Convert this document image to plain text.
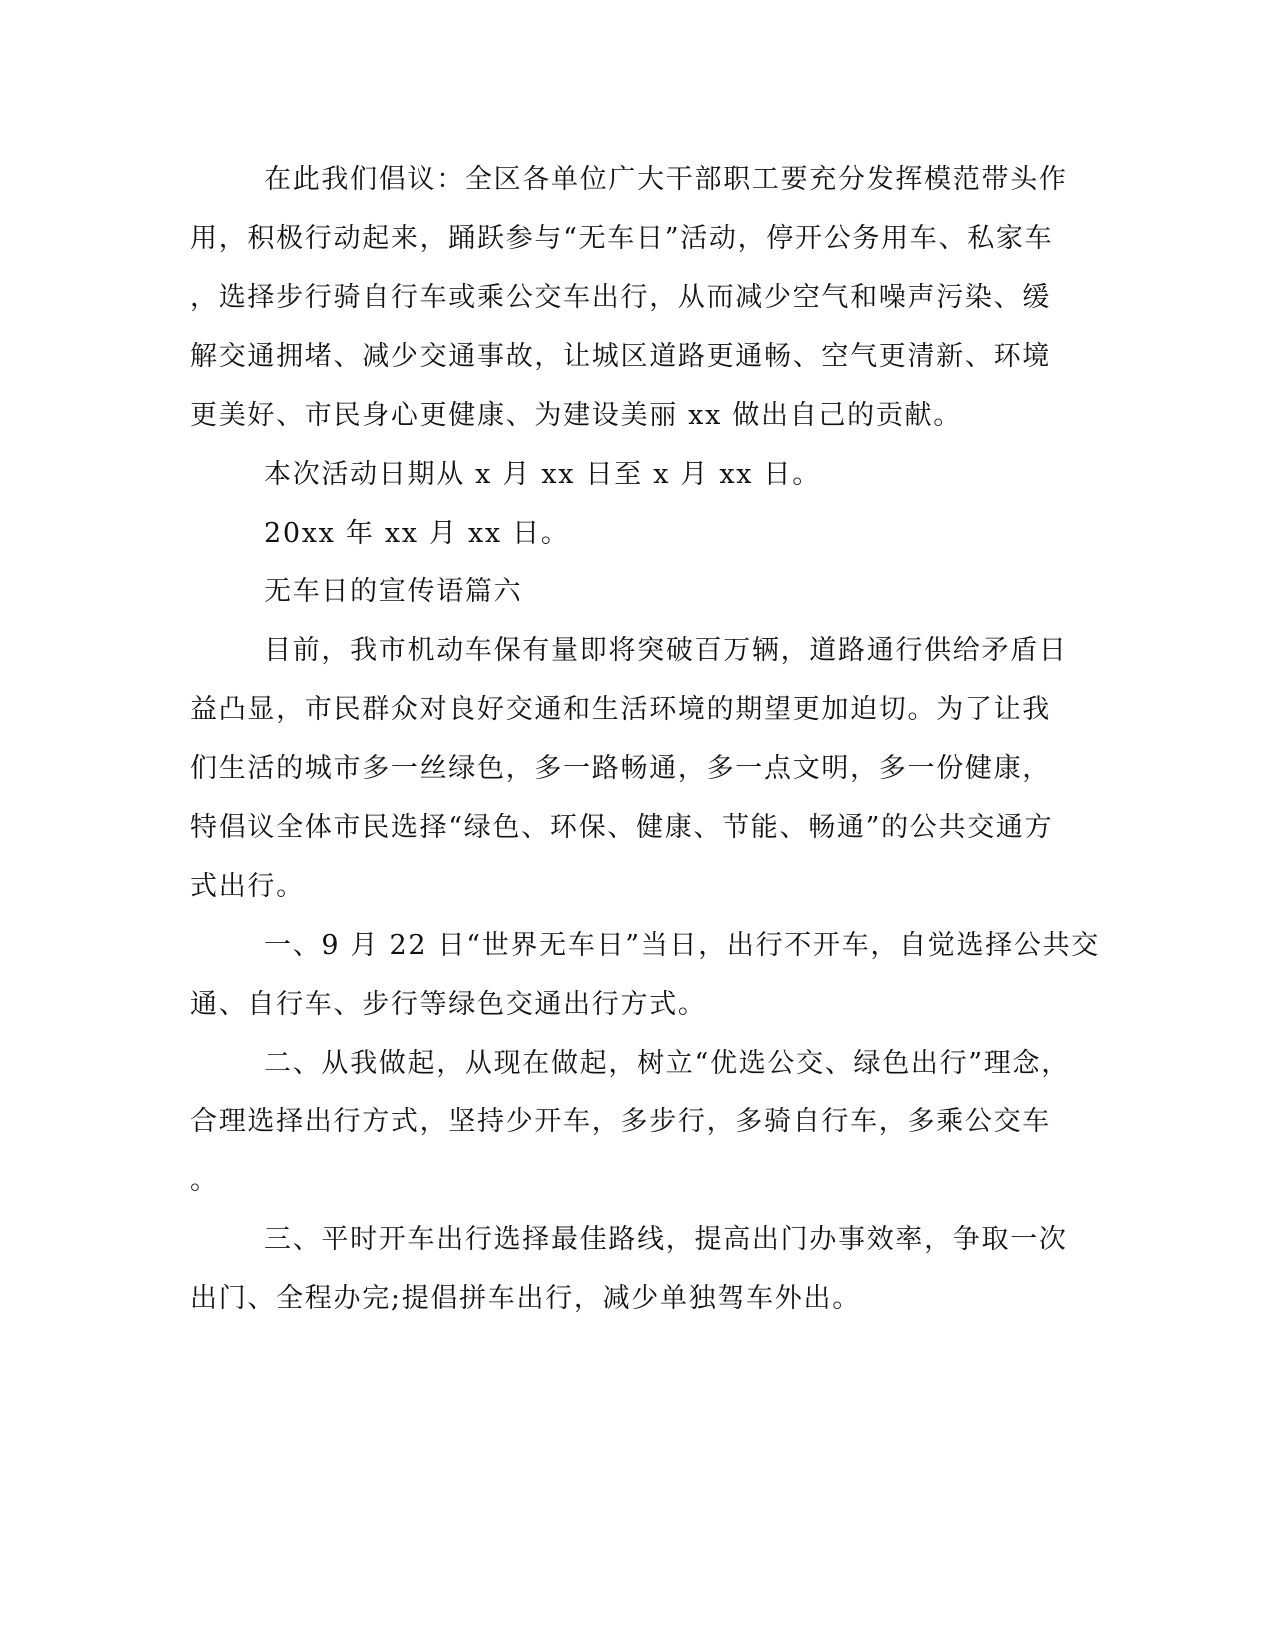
在此我们倡议：全区各单位广大干部职工要充分发挥模范带头作
用，积极行动起来，踊跃参与“无车日”活动，停开公务用车、私家车
，选择步行骑自行车或乘公交车出行，从而减少空气和噪声污染、缓
解交通拥堵、减少交通事故，让城区道路更通畅、空气更清新、环境
更美好、市民身心更健康、为建设美丽 xx 做出自己的贡献。
本次活动日期从 x 月 xx 日至 x 月 xx 日。
20xx 年 xx 月 xx 日。
无车日的宣传语篇六
目前，我市机动车保有量即将突破百万辆，道路通行供给矛盾日
益凸显，市民群众对良好交通和生活环境的期望更加迫切。为了让我
们生活的城市多一丝绿色，多一路畅通，多一点文明，多一份健康，
特倡议全体市民选择“绿色、环保、健康、节能、畅通”的公共交通方
式出行。
一、9 月 22 日“世界无车日”当日，出行不开车，自觉选择公共交
通、自行车、步行等绿色交通出行方式。
二、从我做起，从现在做起，树立“优选公交、绿色出行”理念，
合理选择出行方式，坚持少开车，多步行，多骑自行车，多乘公交车
。
三、平时开车出行选择最佳路线，提高出门办事效率，争取一次
出门、全程办完;提倡拼车出行，减少单独驾车外出。
